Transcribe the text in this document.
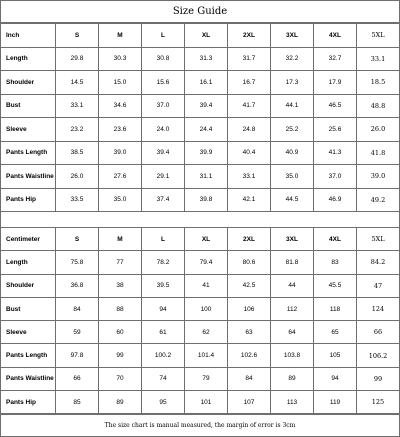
Size Guide
Inch	S	M	L	XL	2XL	3XL	4XL	5XL
Length	29.8	30.3	30.8	31.3	31.7	32.2	32.7	33.1
Shoulder	14.5	15.0	15.6	16.1	16.7	17.3	17.9	18.5
Bust	33.1	34.6	37.0	39.4	41.7	44.1	46.5	48.8
Sleeve	23.2	23.6	24.0	24.4	24.8	25.2	25.6	26.0
Pants Length	38.5	39.0	39.4	39.9	40.4	40.9	41.3	41.8
Pants Waistline	26.0	27.6	29.1	31.1	33.1	35.0	37.0	39.0
Pants Hip	33.5	35.0	37.4	39.8	42.1	44.5	46.9	49.2
Centimeter	S	M	L	XL	2XL	3XL	4XL	5XL
Length	75.8	77	78.2	79.4	80.6	81.8	83	84.2
Shoulder	36.8	38	39.5	41	42.5	44	45.5	47
Bust	84	88	94	100	106	112	118	124
Sleeve	59	60	61	62	63	64	65	66
Pants Length	97.8	99	100.2	101.4	102.6	103.8	105	106.2
Pants Waistline	66	70	74	79	84	89	94	99
Pants Hip	85	89	95	101	107	113	119	125
The size chart is manual measured, the margin of error is 3cm
